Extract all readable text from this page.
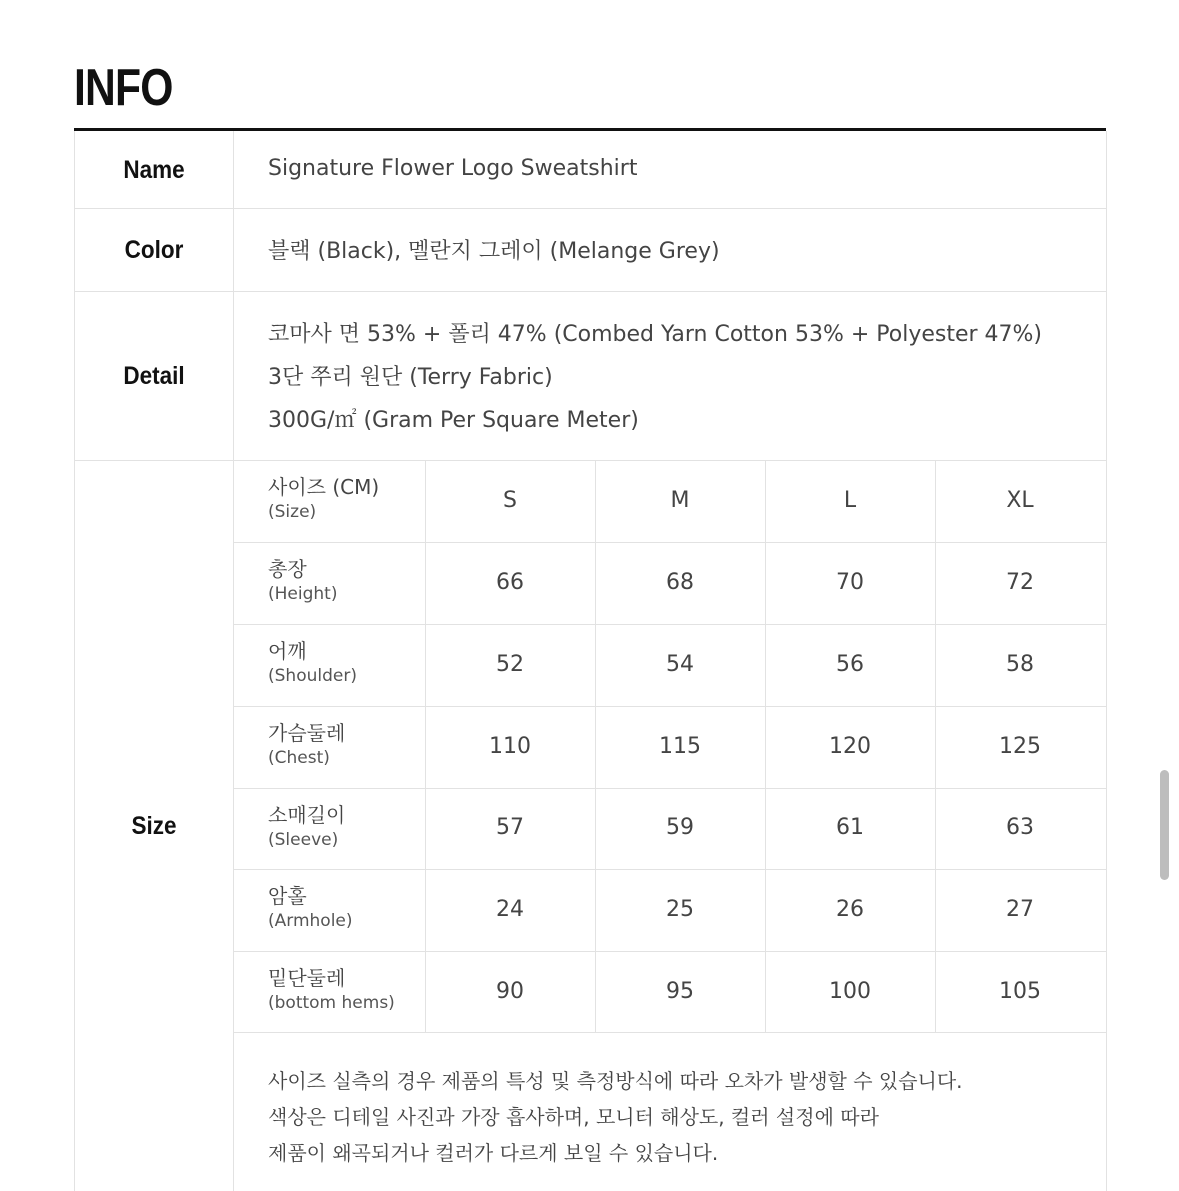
INFO
Name	Signature Flower Logo Sweatshirt
Color	블랙 (Black), 멜란지 그레이 (Melange Grey)
Detail
코마사 면 53% + 폴리 47% (Combed Yarn Cotton 53% + Polyester 47%)
3단 쭈리 원단 (Terry Fabric)
300G/㎡ (Gram Per Square Meter)
Size
사이즈 (CM)
(Size)	S	M	L	XL
총장
(Height)	66	68	70	72
어깨
(Shoulder)	52	54	56	58
가슴둘레
(Chest)	110	115	120	125
소매길이
(Sleeve)	57	59	61	63
암홀
(Armhole)	24	25	26	27
밑단둘레
(bottom hems)	90	95	100	105
사이즈 실측의 경우 제품의 특성 및 측정방식에 따라 오차가 발생할 수 있습니다.
색상은 디테일 사진과 가장 흡사하며, 모니터 해상도, 컬러 설정에 따라
제품이 왜곡되거나 컬러가 다르게 보일 수 있습니다.
